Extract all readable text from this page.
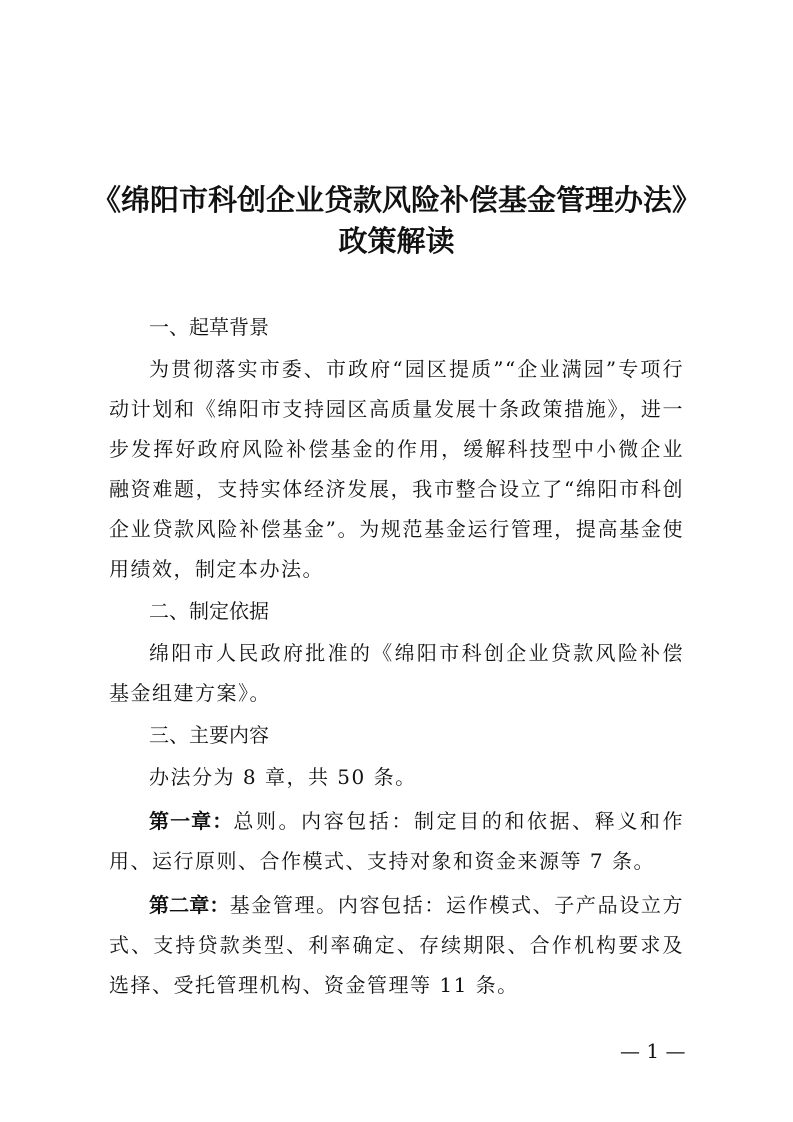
《绵阳市科创企业贷款风险补偿基金管理办法》
政策解读
一、起草背景

为贯彻落实市委、市政府“园区提质”“企业满园”专项行动计划和《绵阳市支持园区高质量发展十条政策措施》，进一步发挥好政府风险补偿基金的作用，缓解科技型中小微企业融资难题，支持实体经济发展，我市整合设立了“绵阳市科创企业贷款风险补偿基金”。为规范基金运行管理，提高基金使用绩效，制定本办法。

二、制定依据

绵阳市人民政府批准的《绵阳市科创企业贷款风险补偿基金组建方案》。

三、主要内容

办法分为 8 章，共 50 条。

第一章：总则。内容包括：制定目的和依据、释义和作用、运行原则、合作模式、支持对象和资金来源等 7 条。

第二章：基金管理。内容包括：运作模式、子产品设立方式、支持贷款类型、利率确定、存续期限、合作机构要求及选择、受托管理机构、资金管理等 11 条。

— 1 —
